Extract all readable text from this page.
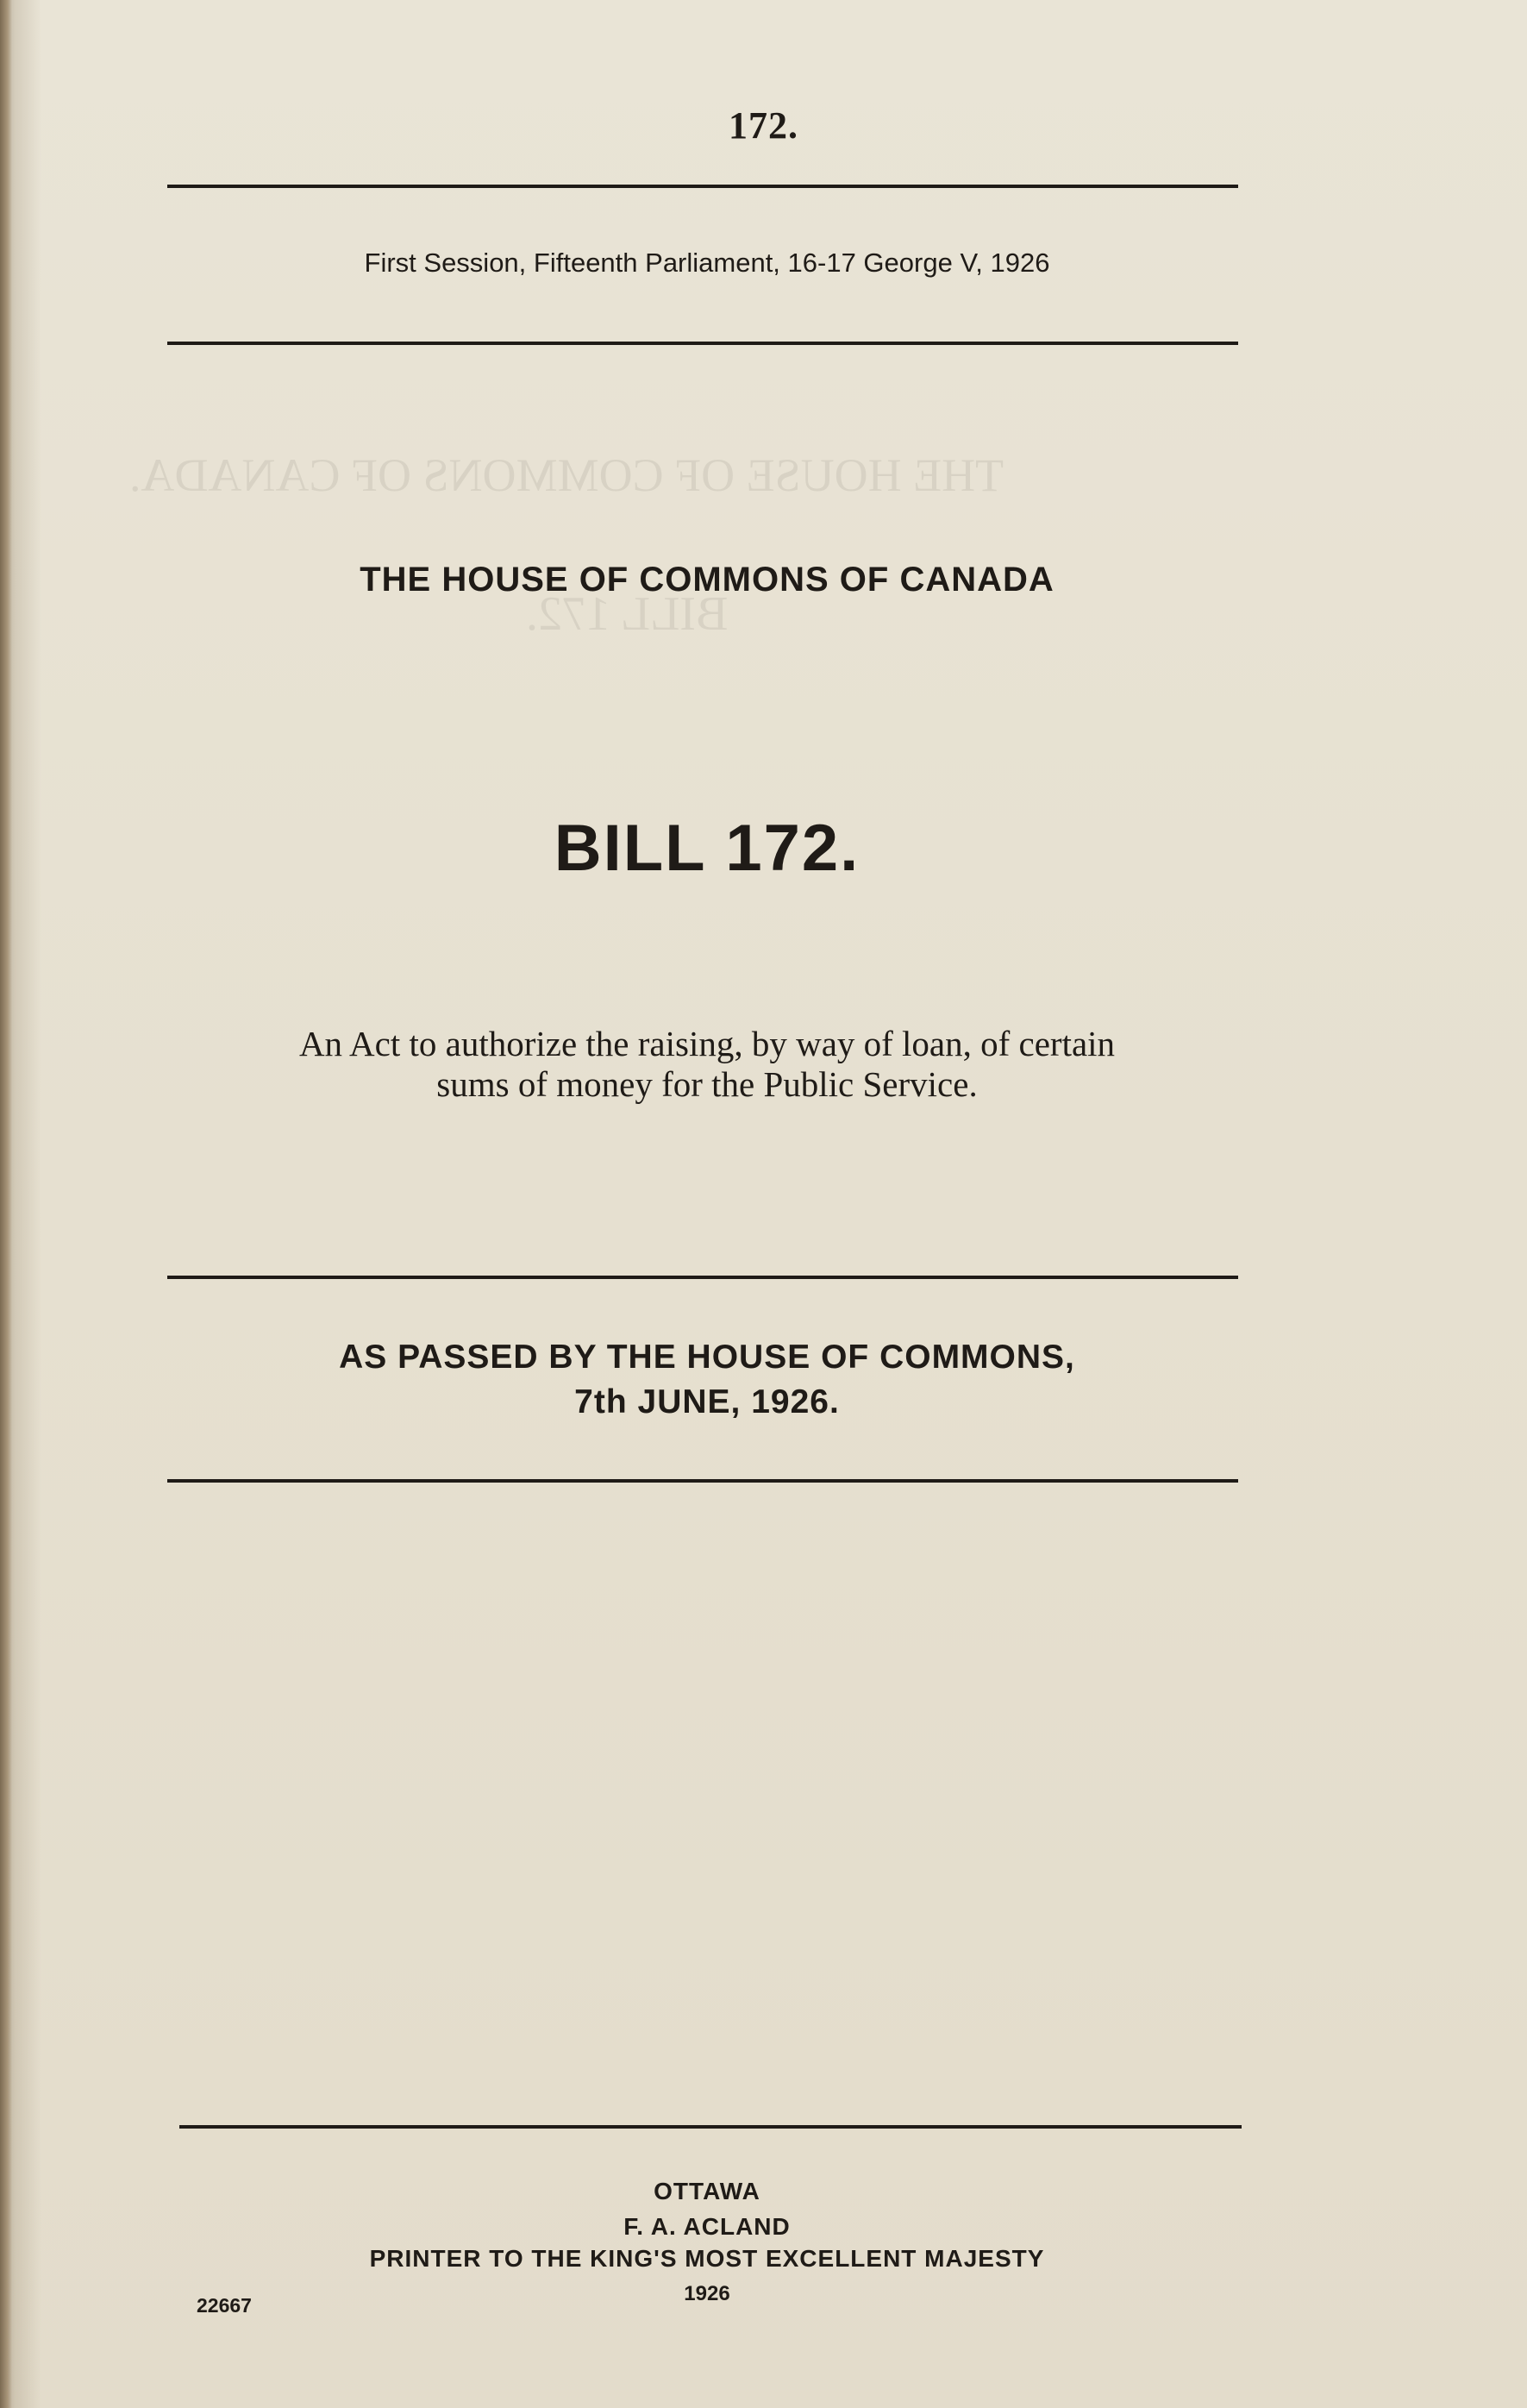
THE HOUSE OF COMMONS OF CANADA.
BILL 172.
172.
First Session, Fifteenth Parliament, 16-17 George V, 1926
THE HOUSE OF COMMONS OF CANADA
BILL 172.
An Act to authorize the raising, by way of loan, of certain
sums of money for the Public Service.
AS PASSED BY THE HOUSE OF COMMONS,
7th JUNE, 1926.
OTTAWA
F. A. ACLAND
PRINTER TO THE KING'S MOST EXCELLENT MAJESTY
1926
22667
